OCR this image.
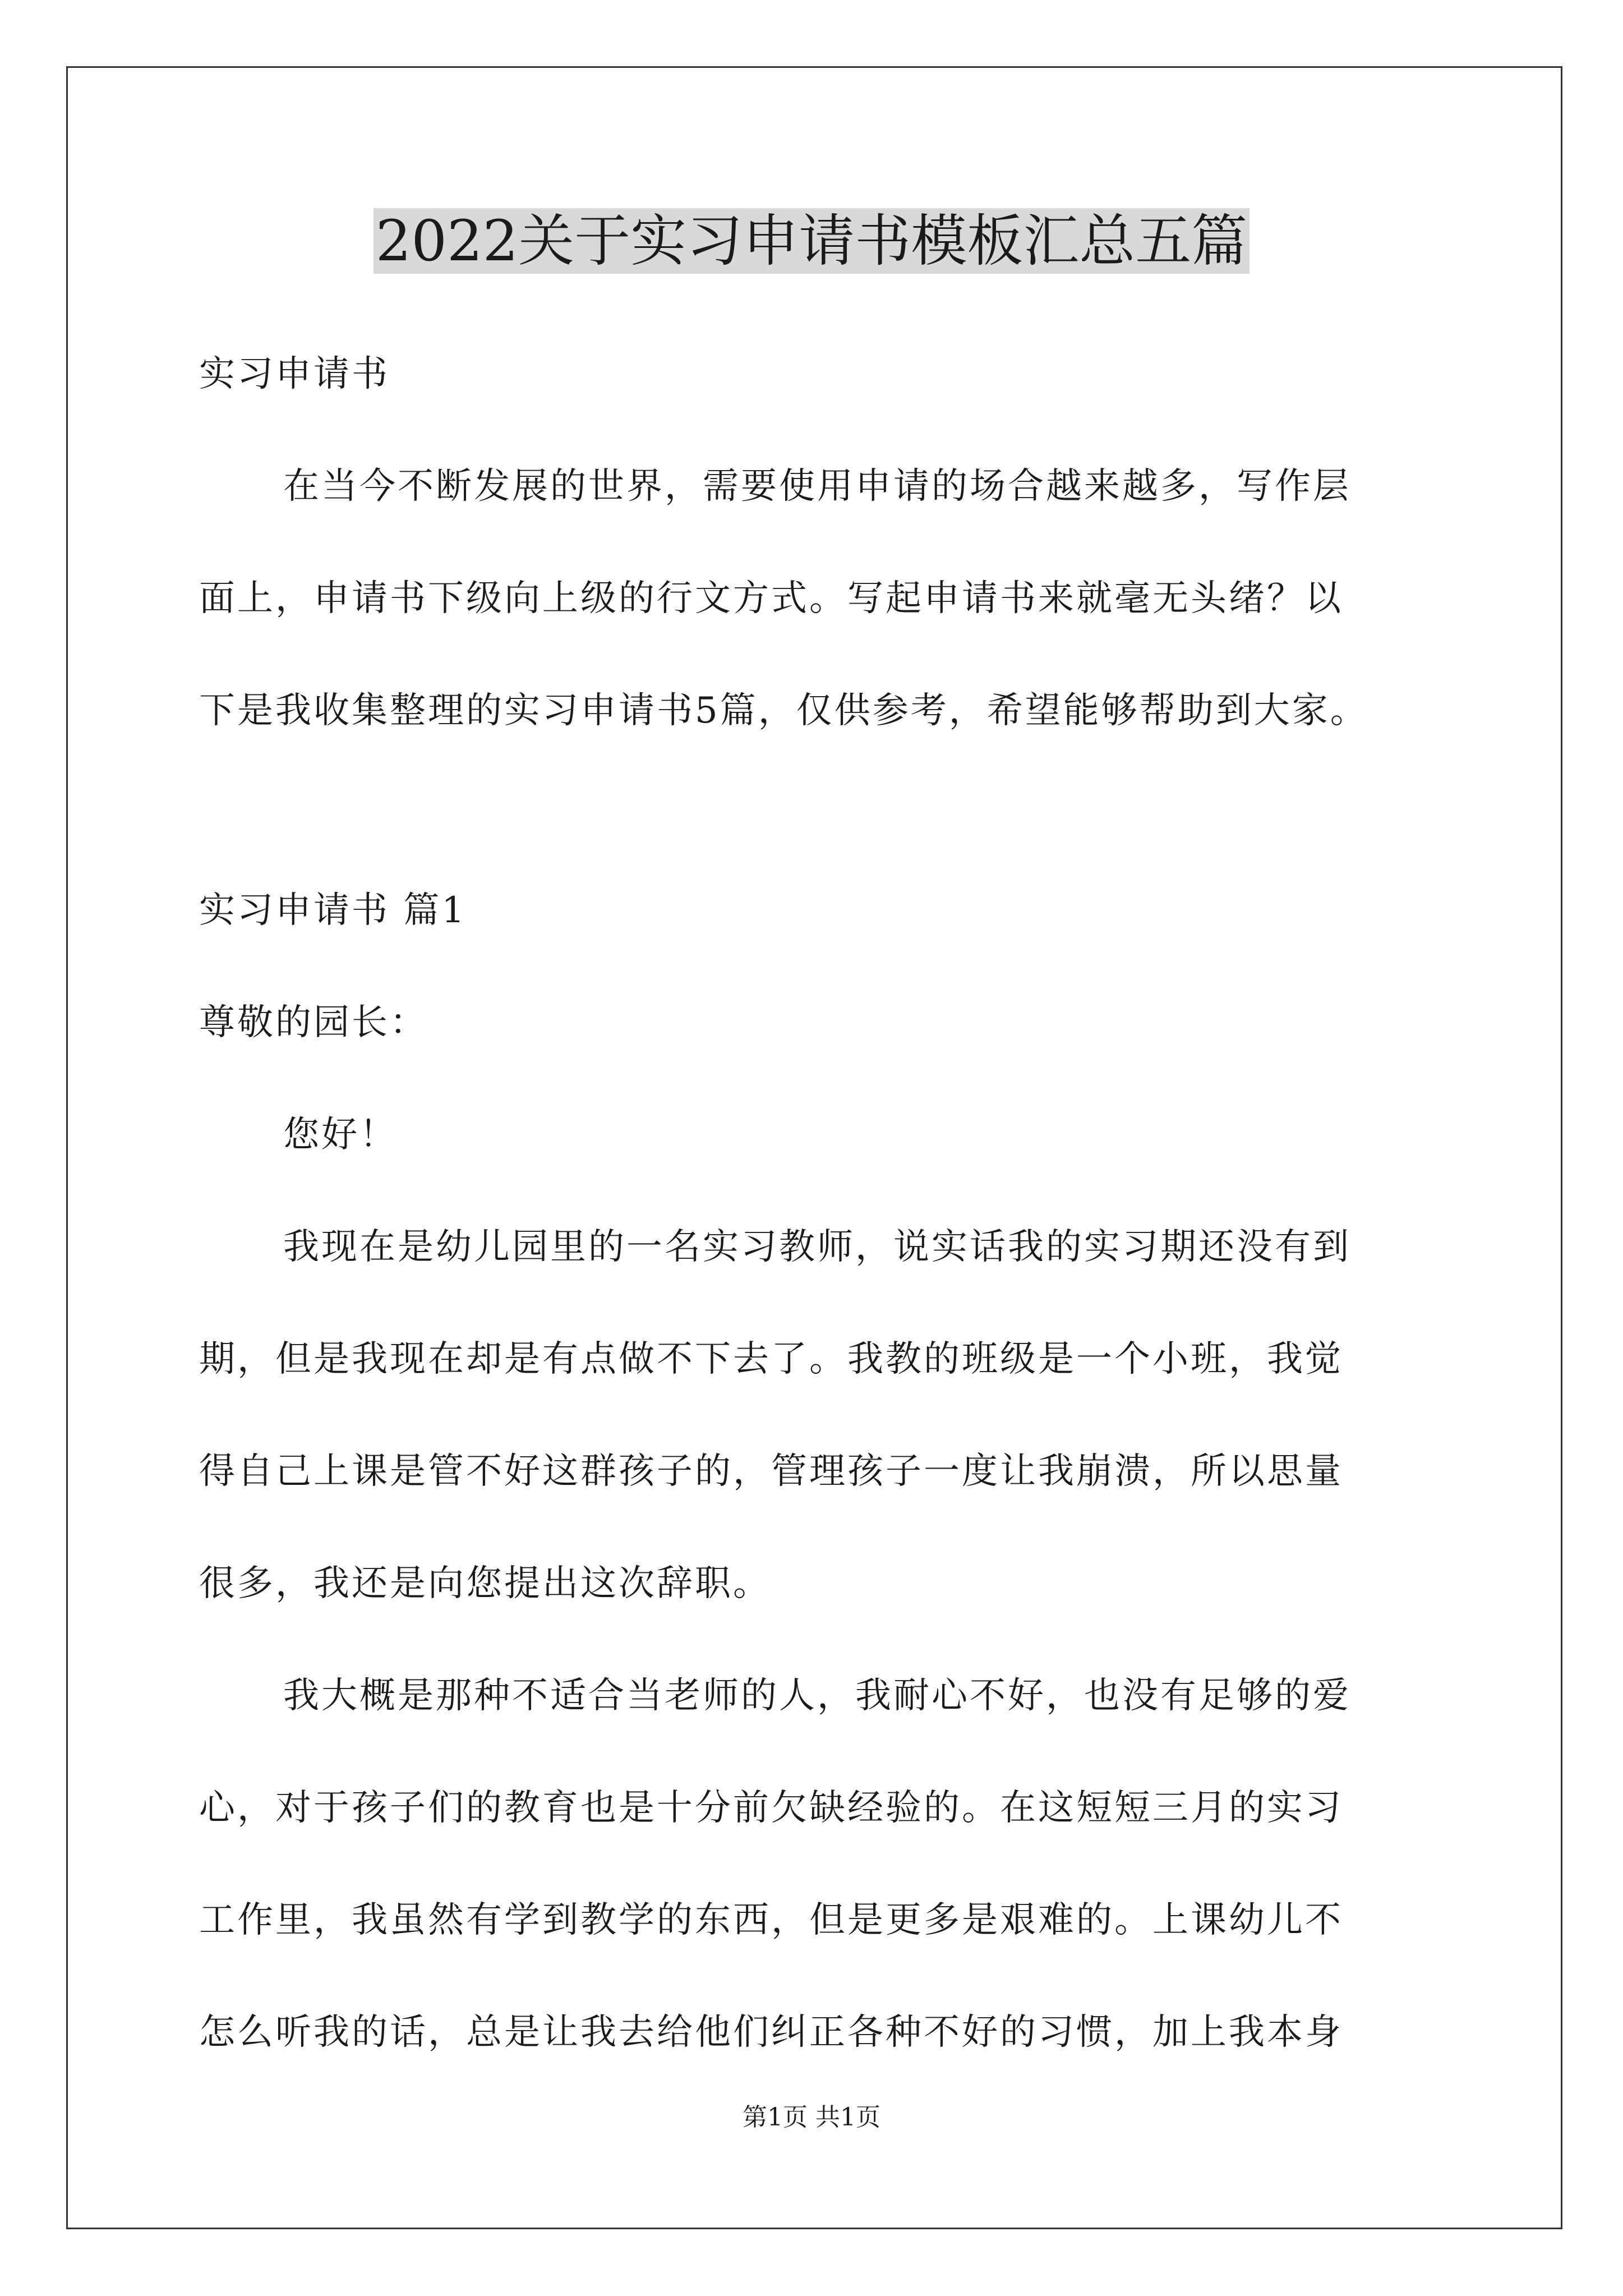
2022关于实习申请书模板汇总五篇
实习申请书
在当今不断发展的世界，需要使用申请的场合越来越多，写作层
面上，申请书下级向上级的行文方式。写起申请书来就毫无头绪？以
下是我收集整理的实习申请书5篇，仅供参考，希望能够帮助到大家。
实习申请书 篇1
尊敬的园长：
您好！
我现在是幼儿园里的一名实习教师，说实话我的实习期还没有到
期，但是我现在却是有点做不下去了。我教的班级是一个小班，我觉
得自己上课是管不好这群孩子的，管理孩子一度让我崩溃，所以思量
很多，我还是向您提出这次辞职。
我大概是那种不适合当老师的人，我耐心不好，也没有足够的爱
心，对于孩子们的教育也是十分前欠缺经验的。在这短短三月的实习
工作里，我虽然有学到教学的东西，但是更多是艰难的。上课幼儿不
怎么听我的话，总是让我去给他们纠正各种不好的习惯，加上我本身
第1页 共1页
